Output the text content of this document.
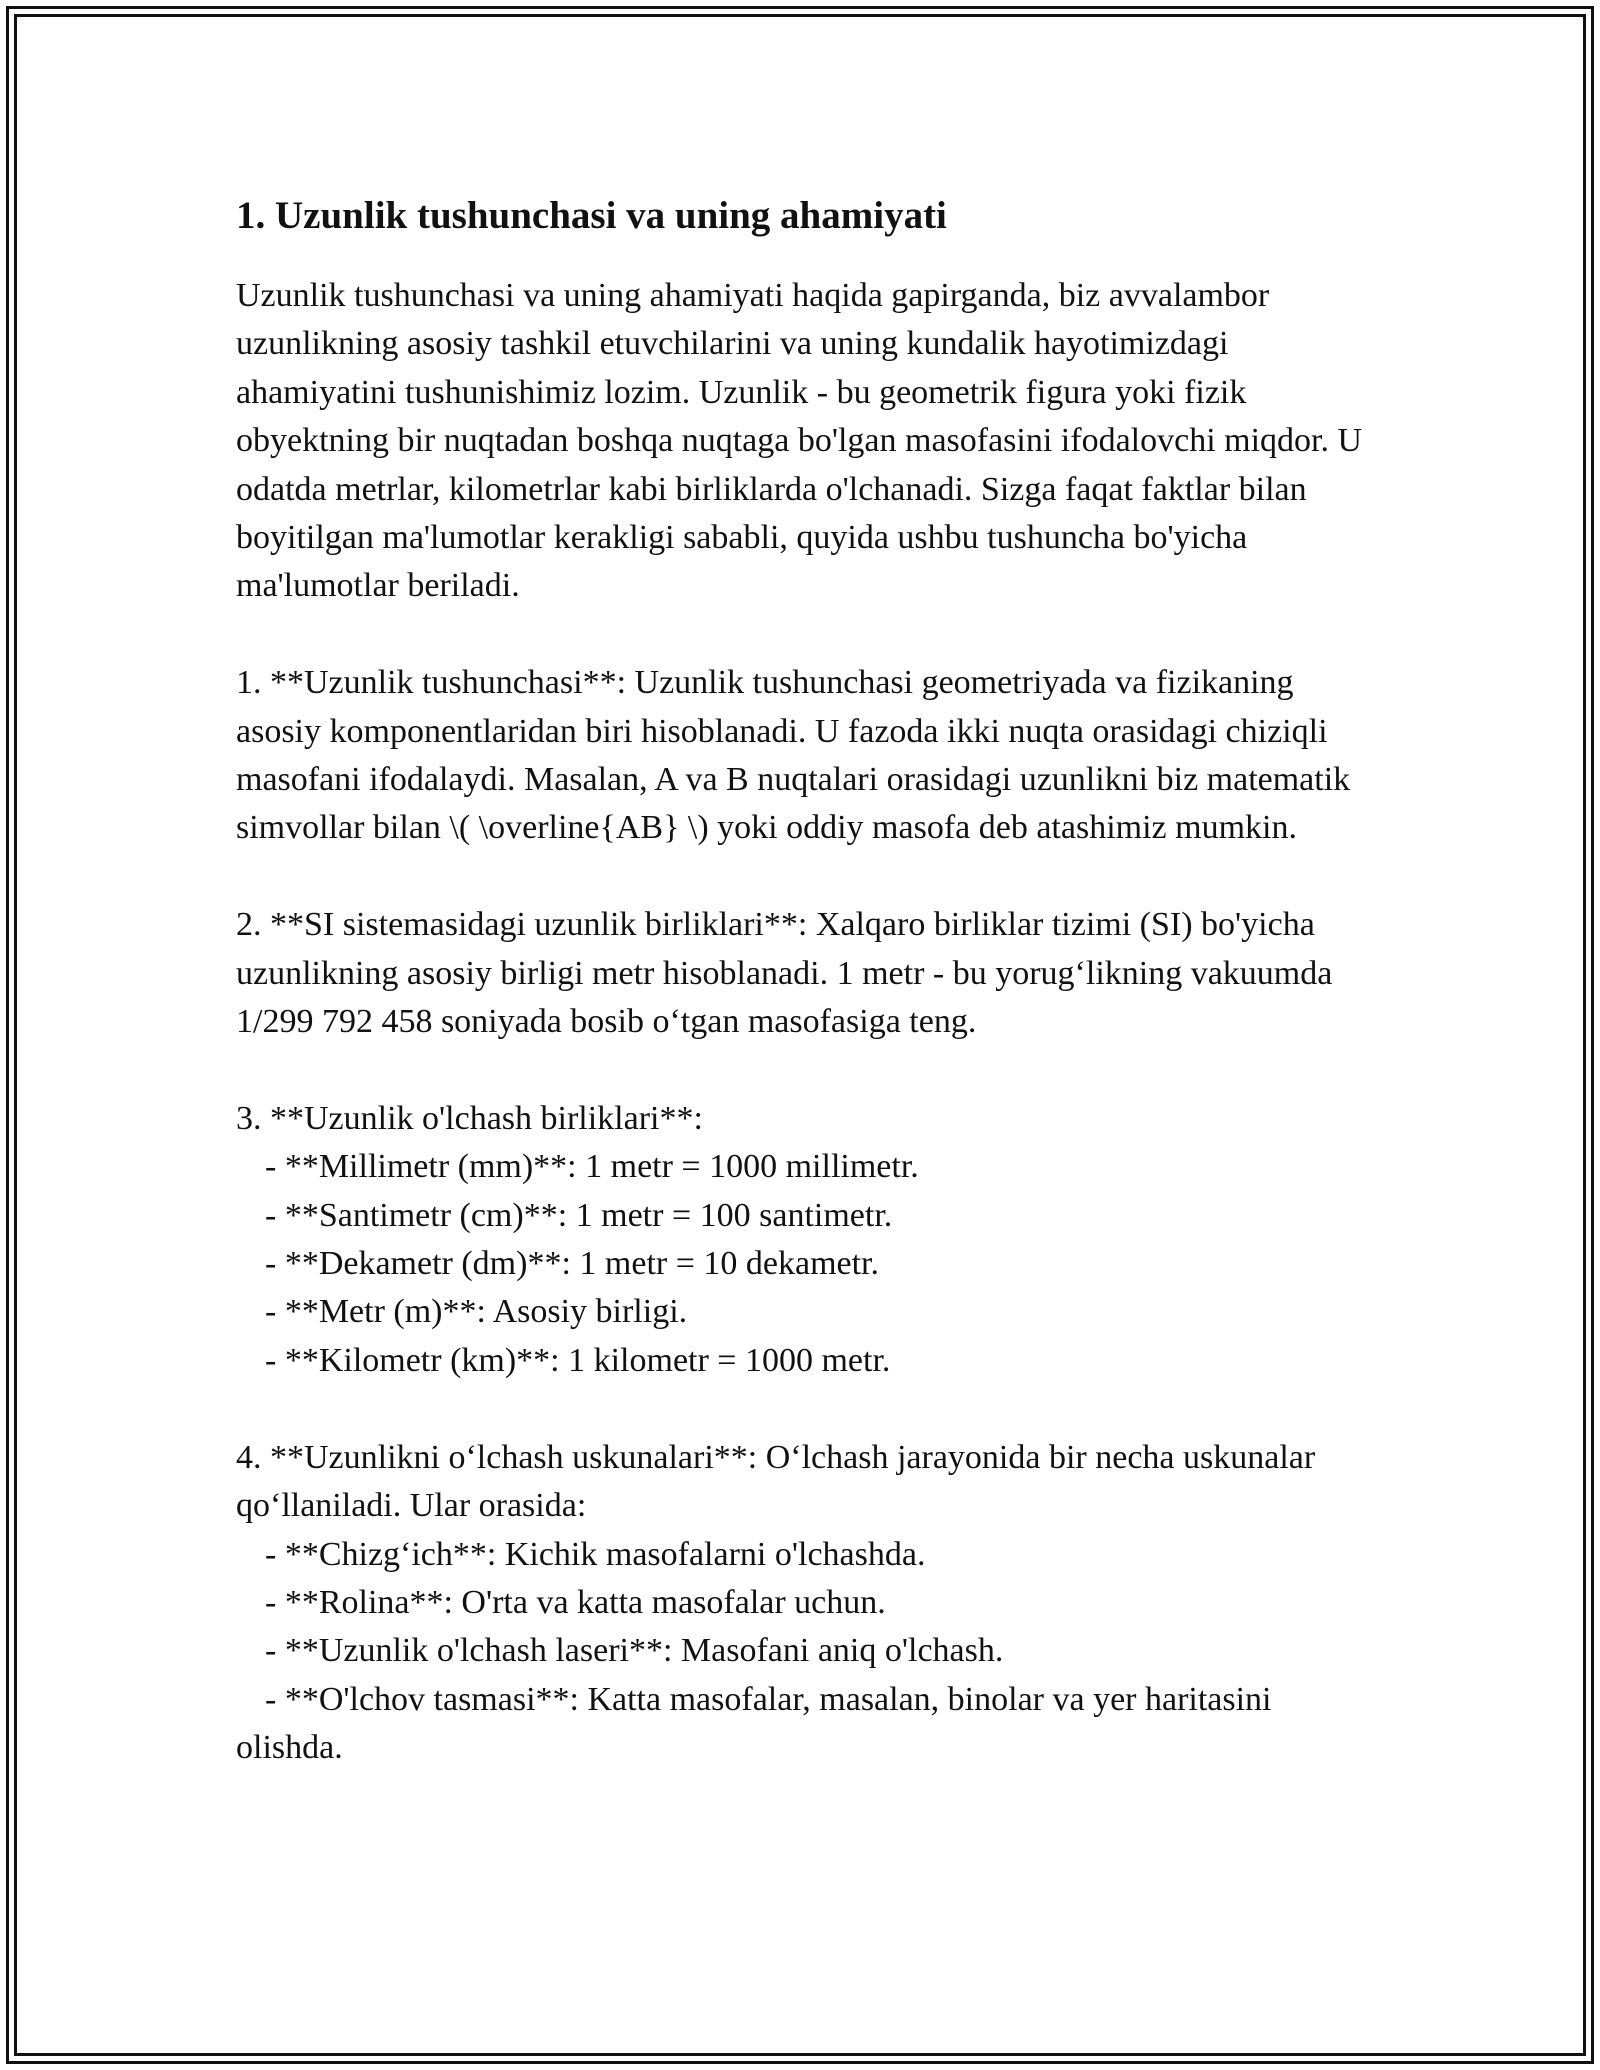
1. Uzunlik tushunchasi va uning ahamiyati

Uzunlik tushunchasi va uning ahamiyati haqida gapirganda, biz avvalambor uzunlikning asosiy tashkil etuvchilarini va uning kundalik hayotimizdagi ahamiyatini tushunishimiz lozim. Uzunlik - bu geometrik figura yoki fizik obyektning bir nuqtadan boshqa nuqtaga bo'lgan masofasini ifodalovchi miqdor. U odatda metrlar, kilometrlar kabi birliklarda o'lchanadi. Sizga faqat faktlar bilan boyitilgan ma'lumotlar kerakligi sababli, quyida ushbu tushuncha bo'yicha ma'lumotlar beriladi.

1. **Uzunlik tushunchasi**: Uzunlik tushunchasi geometriyada va fizikaning asosiy komponentlaridan biri hisoblanadi. U fazoda ikki nuqta orasidagi chiziqli masofani ifodalaydi. Masalan, A va B nuqtalari orasidagi uzunlikni biz matematik simvollar bilan \( \overline{AB} \) yoki oddiy masofa deb atashimiz mumkin.

2. **SI sistemasidagi uzunlik birliklari**: Xalqaro birliklar tizimi (SI) bo'yicha uzunlikning asosiy birligi metr hisoblanadi. 1 metr - bu yorug‘likning vakuumda 1/299 792 458 soniyada bosib o‘tgan masofasiga teng.

3. **Uzunlik o'lchash birliklari**:

- **Millimetr (mm)**: 1 metr = 1000 millimetr.

- **Santimetr (cm)**: 1 metr = 100 santimetr.

- **Dekametr (dm)**: 1 metr = 10 dekametr.

- **Metr (m)**: Asosiy birligi.

- **Kilometr (km)**: 1 kilometr = 1000 metr.

4. **Uzunlikni o‘lchash uskunalari**: O‘lchash jarayonida bir necha uskunalar qo‘llaniladi. Ular orasida:

- **Chizg‘ich**: Kichik masofalarni o'lchashda.

- **Rolina**: O'rta va katta masofalar uchun.

- **Uzunlik o'lchash laseri**: Masofani aniq o'lchash.

- **O'lchov tasmasi**: Katta masofalar, masalan, binolar va yer haritasini olishda.
